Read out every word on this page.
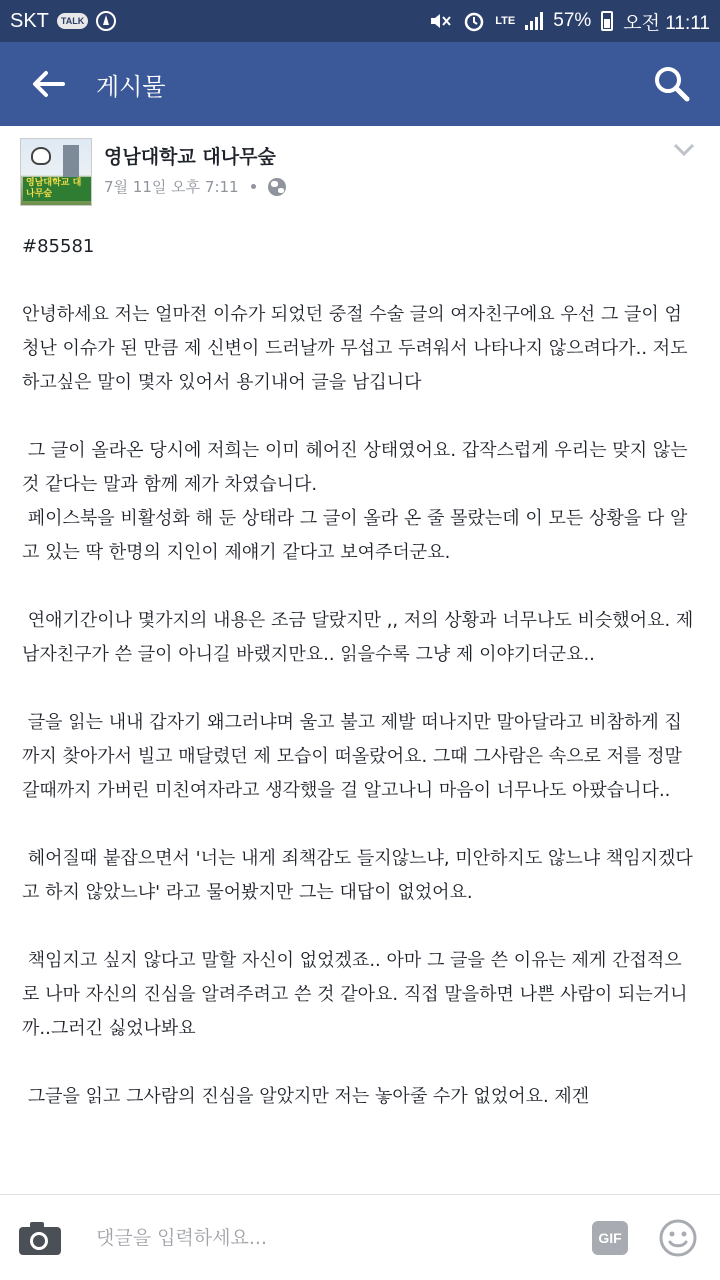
SKT	TALK	LTE 57% 오전 11:11
게시물
영남대학교 대나무숲
영남대학교 대나무숲
7월 11일 오후 7:11
#85581
안녕하세요 저는 얼마전 이슈가 되었던 중절 수술 글의 여자친구에요 우선 그 글이 엄청난 이슈가 된 만큼 제 신변이 드러날까 무섭고 두려워서 나타나지 않으려다가.. 저도 하고싶은 말이 몇자 있어서 용기내어 글을 남깁니다
그 글이 올라온 당시에 저희는 이미 헤어진 상태였어요. 갑작스럽게 우리는 맞지 않는 것 같다는 말과 함께 제가 차였습니다.
페이스북을 비활성화 해 둔 상태라 그 글이 올라 온 줄 몰랐는데 이 모든 상황을 다 알고 있는 딱 한명의 지인이 제얘기 같다고 보여주더군요.
연애기간이나 몇가지의 내용은 조금 달랐지만 ,, 저의 상황과 너무나도 비슷했어요. 제 남자친구가 쓴 글이 아니길 바랬지만요.. 읽을수록 그냥 제 이야기더군요..
글을 읽는 내내 갑자기 왜그러냐며 울고 불고 제발 떠나지만 말아달라고 비참하게 집까지 찾아가서 빌고 매달렸던 제 모습이 떠올랐어요. 그때 그사람은 속으로 저를 정말 갈때까지 가버린 미친여자라고 생각했을 걸 알고나니 마음이 너무나도 아팠습니다..
헤어질때 붙잡으면서 '너는 내게 죄책감도 들지않느냐, 미안하지도 않느냐 책임지겠다고 하지 않았느냐' 라고 물어봤지만 그는 대답이 없었어요.
책임지고 싶지 않다고 말할 자신이 없었겠죠.. 아마 그 글을 쓴 이유는 제게 간접적으로 나마 자신의 진심을 알려주려고 쓴 것 같아요. 직접 말을하면 나쁜 사람이 되는거니까..그러긴 싫었나봐요
그글을 읽고 그사람의 진심을 알았지만 저는 놓아줄 수가 없었어요. 제겐
댓글을 입력하세요...
GIF
